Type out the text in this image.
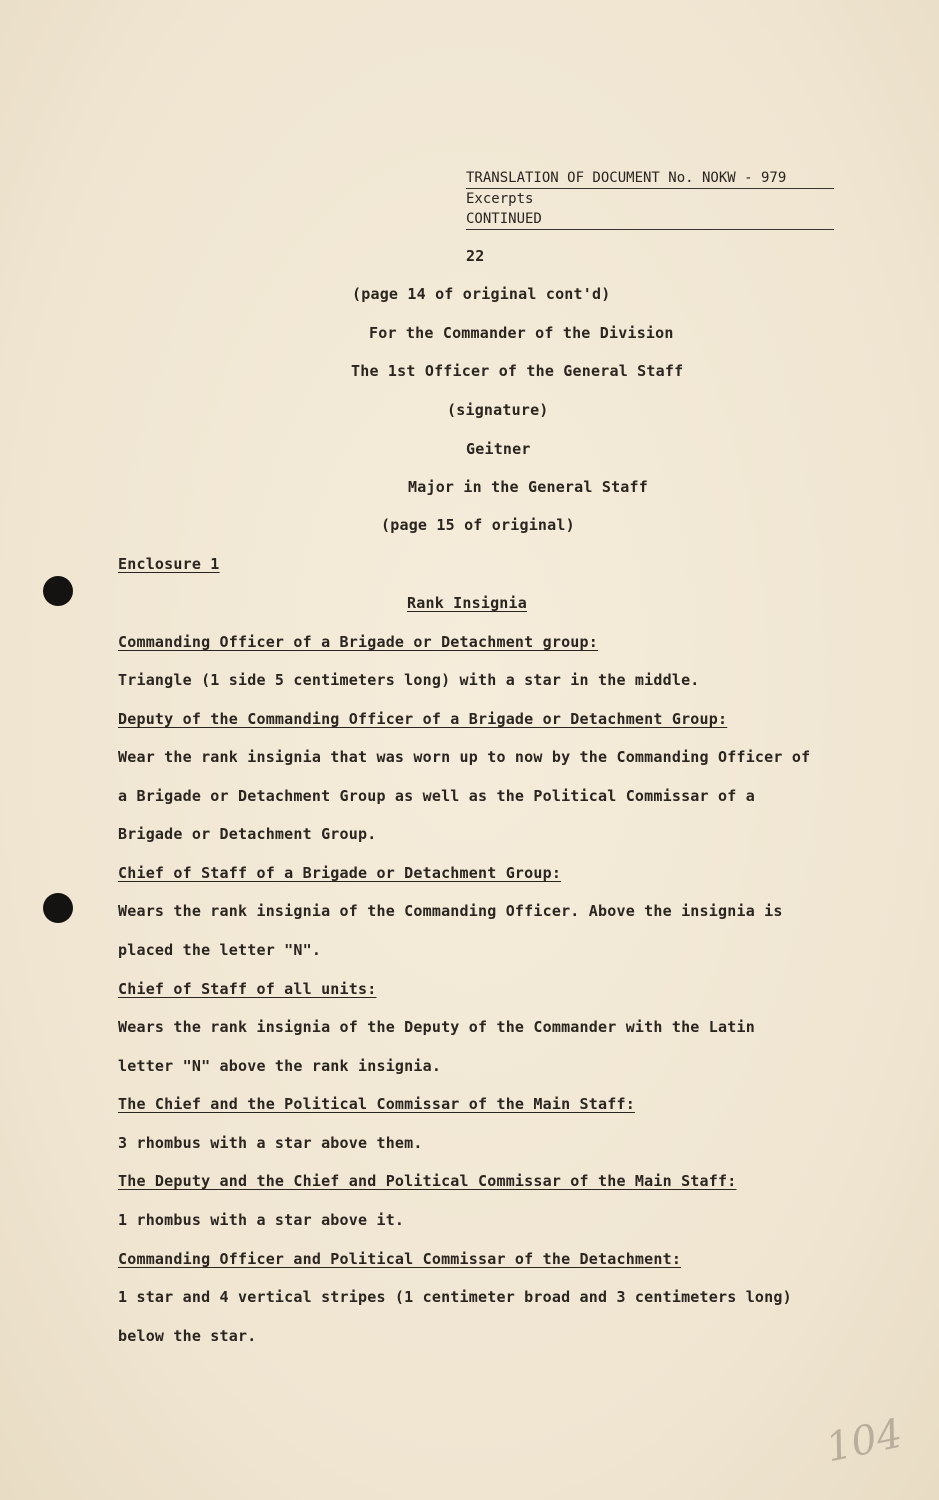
TRANSLATION OF DOCUMENT No. NOKW - 979
Excerpts
CONTINUED
22
(page 14 of original cont'd)
For the Commander of the Division
The 1st Officer of the General Staff
(signature)
Geitner
Major in the General Staff
(page 15 of original)
Enclosure 1
Rank Insignia
Commanding Officer of a Brigade or Detachment group:
Triangle (1 side 5 centimeters long) with a star in the middle.
Deputy of the Commanding Officer of a Brigade or Detachment Group:
Wear the rank insignia that was worn up to now by the Commanding Officer of
a Brigade or Detachment Group as well as the Political Commissar of a
Brigade or Detachment Group.
Chief of Staff of a Brigade or Detachment Group:
Wears the rank insignia of the Commanding Officer. Above the insignia is
placed the letter "N".
Chief of Staff of all units:
Wears the rank insignia of the Deputy of the Commander with the Latin
letter "N" above the rank insignia.
The Chief and the Political Commissar of the Main Staff:
3 rhombus with a star above them.
The Deputy and the Chief and Political Commissar of the Main Staff:
1 rhombus with a star above it.
Commanding Officer and Political Commissar of the Detachment:
1 star and 4 vertical stripes (1 centimeter broad and 3 centimeters long)
below the star.
104
